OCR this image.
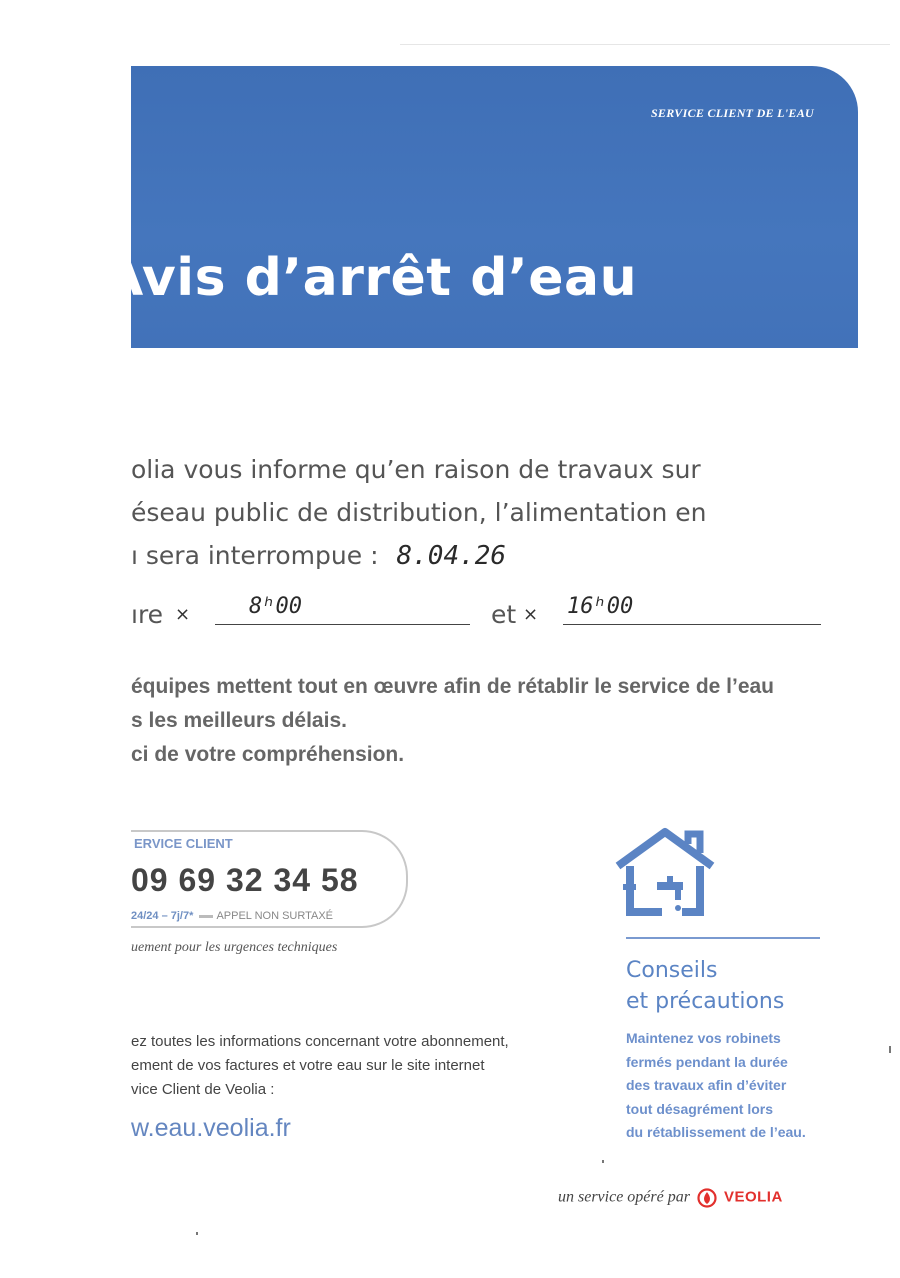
SERVICE CLIENT DE L'EAU
Avis d’arrêt d’eau
olia vous informe qu’en raison de travaux sur
éseau public de distribution, l’alimentation en
ı sera interrompue : 8.04.26
ıre ⨯	8ʰ00	et ⨯ 16ʰ00
équipes mettent tout en œuvre afin de rétablir le service de l’eau
s les meilleurs délais.
ci de votre compréhension.
ERVICE CLIENT
09 69 32 34 58
24/24 – 7j/7* APPEL NON SURTAXÉ
uement pour les urgences techniques
ez toutes les informations concernant votre abonnement,
ement de vos factures et votre eau sur le site internet
vice Client de Veolia :
w.eau.veolia.fr
Conseils
et précautions
Maintenez vos robinets
fermés pendant la durée
des travaux afin d’éviter
tout désagrément lors
du rétablissement de l’eau.
un service opéré par VEOLIA
